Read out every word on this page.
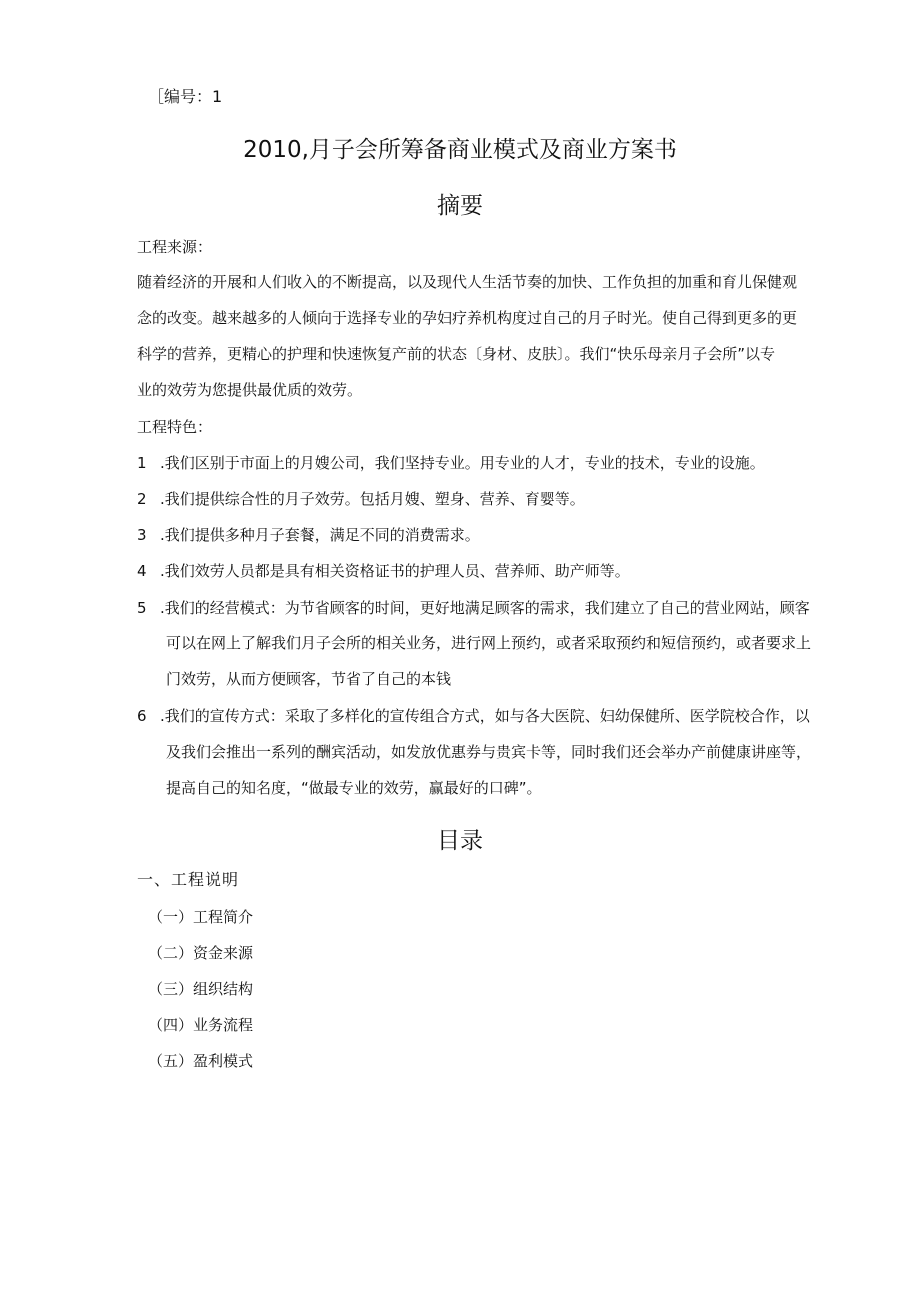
［编号：1
2010,月子会所筹备商业模式及商业方案书
摘要
工程来源：
随着经济的开展和人们收入的不断提高，以及现代人生活节奏的加快、工作负担的加重和育儿保健观
念的改变。越来越多的人倾向于选择专业的孕妇疗养机构度过自己的月子时光。使自己得到更多的更
科学的营养，更精心的护理和快速恢复产前的状态〔身材、皮肤〕。我们“快乐母亲月子会所”以专
业的效劳为您提供最优质的效劳。
工程特色：
1 .我们区别于市面上的月嫂公司，我们坚持专业。用专业的人才，专业的技术，专业的设施。
2 .我们提供综合性的月子效劳。包括月嫂、塑身、营养、育婴等。
3 .我们提供多种月子套餐，满足不同的消费需求。
4 .我们效劳人员都是具有相关资格证书的护理人员、营养师、助产师等。
5 .我们的经营模式：为节省顾客的时间，更好地满足顾客的需求，我们建立了自己的营业网站，顾客
可以在网上了解我们月子会所的相关业务，进行网上预约，或者采取预约和短信预约，或者要求上
门效劳，从而方便顾客，节省了自己的本钱
6 .我们的宣传方式：采取了多样化的宣传组合方式，如与各大医院、妇幼保健所、医学院校合作，以
及我们会推出一系列的酬宾活动，如发放优惠券与贵宾卡等，同时我们还会举办产前健康讲座等，
提高自己的知名度，“做最专业的效劳，赢最好的口碑”。
目录
一、工程说明
（一）工程简介
（二）资金来源
（三）组织结构
（四）业务流程
（五）盈利模式
